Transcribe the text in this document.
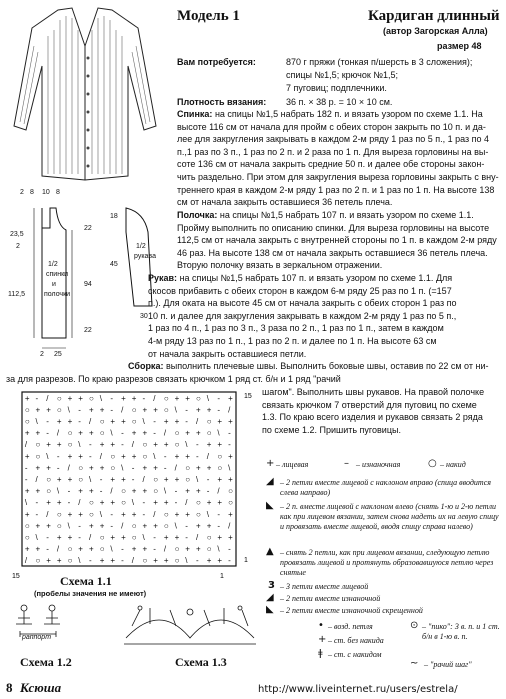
Модель 1	Кардиган длинный
(автор Загорская Алла)
размер 48
Вам потребуется:	870 г пряжи (тонкая п/шерсть в 3 сложения);
спицы №1,5; крючок №1,5;
7 пуговиц; подплечники.
Плотность вязания: 36 п. × 38 р. = 10 × 10 см.
Спинка: на спицы №1,5 набрать 182 п. и вязать узором по схеме 1.1. На
высоте 116 см от начала для пройм с обеих сторон закрыть по 10 п. и да-
лее для закругления закрывать в каждом 2-м ряду 1 раз по 5 п., 1 раз по 4
п.,1 раз по 3 п., 1 раз по 2 п. и 2 раза по 1 п. Для выреза горловины на вы-
соте 136 см от начала закрыть средние 50 п. и далее обе стороны закон-
чить раздельно. При этом для закругления выреза горловины закрыть с вну-
треннего края в каждом 2-м ряду 1 раз по 2 п. и 1 раз по 1 п. На высоте 138
см от начала закрыть оставшиеся 36 петель плеча.
Полочка: на спицы №1,5 набрать 107 п. и вязать узором по схеме 1.1.
Пройму выполнить по описанию спинки. Для выреза горловины на высоте
112,5 см от начала закрыть с внутренней стороны по 1 п. в каждом 2-м ряду
46 раз. На высоте 138 см от начала закрыть оставшиеся 36 петель плеча.
Вторую полочку вязать в зеркальном отражении.
Рукав: на спицы №1,5 набрать 107 п. и вязать узором по схеме 1.1. Для
скосов прибавить с обеих сторон в каждом 6-м ряду 25 раз по 1 п. (=157
п.). Для оката на высоте 45 см от начала закрыть с обеих сторон 1 раз по
10 п. и далее для закругления закрывать в каждом 2-м ряду 1 раз по 5 п.,
1 раз по 4 п., 1 раз по 3 п., 3 раза по 2 п., 1 раз по 1 п., затем в каждом
4-м ряду 13 раз по 1 п., 1 раз по 2 п. и далее по 1 п. На высоте 63 см
от начала закрыть оставшиеся петли.
Сборка: выполнить плечевые швы. Выполнить боковые швы, оставив по 22 см от ни-
за для разрезов. По краю разрезов связать крючком 1 ряд ст. б/н и 1 ряд "рачий
шагом". Выполнить швы рукавов. На правой полочке
связать крючком 7 отверстий для пуговиц по схеме
1.3. По краю всего изделия и рукавов связать 2 ряда
по схеме 1.2. Пришить пуговицы.
2 8 10 8
23,5
2
112,5
22
94
22
2 25
1/2
спинки
и
полочки
1/2
рукава
18
45
30
+ - / ○ + + ○ \ - + + - / ○ + + ○ \ - +
○ + + ○ \ - + + - / ○ + + ○ \ - + + - /
○ \ - + + - / ○ + + ○ \ - + + - / ○ + +
+ + - / ○ + + ○ \ - + + - / ○ + + ○ \ -
/ ○ + + ○ \ - + + - / ○ + + ○ \ - + + -
+ ○ \ - + + - / ○ + + ○ \ - + + - / ○ +
- + + - / ○ + + ○ \ - + + - / ○ + + ○ \
- / ○ + + ○ \ - + + - / ○ + + ○ \ - + +
+ + ○ \ - + + - / ○ + + ○ \ - + + - / ○
\ - + + - / ○ + + ○ \ - + + - / ○ + + ○
+ - / ○ + + ○ \ - + + - / ○ + + ○ \ - +
○ + + ○ \ - + + - / ○ + + ○ \ - + + - /
○ \ - + + - / ○ + + ○ \ - + + - / ○ + +
+ + - / ○ + + ○ \ - + + - / ○ + + ○ \ -
/ ○ + + ○ \ - + + - / ○ + + ○ \ - + + -
15
1
15	1
Схема 1.1
(пробелы значения не имеют)
раппорт
Схема 1.2	Схема 1.3
+ – лицевая	– – изнаночная	○ – накид
◢ – 2 петли вместе лицевой с наклоном вправо (спица вводится слева направо)
◣ – 2 п. вместе лицевой с наклоном влево (снять 1-ю и 2-ю петли как при лицевом вязании, затем снова надеть их на левую спицу и провязать вместе лицевой, вводя спицу справа налево)
▲ – снять 2 петли, как при лицевом вязании, следующую петлю провязать лицевой и протянуть образовавшуюся петлю через снятые
3 – 3 петли вместе лицевой
◢ – 2 петли вместе изнаночной
◣ – 2 петли вместе изнаночной скрещенной
• – возд. петля
+ – ст. без накида
ǂ – ст. с накидом
⊙ – "пико": 3 в. п. и 1 ст. б/н в 1-ю в. п.
~ – "рачий шаг"
8 Ксюша	http://www.liveinternet.ru/users/estrela/
